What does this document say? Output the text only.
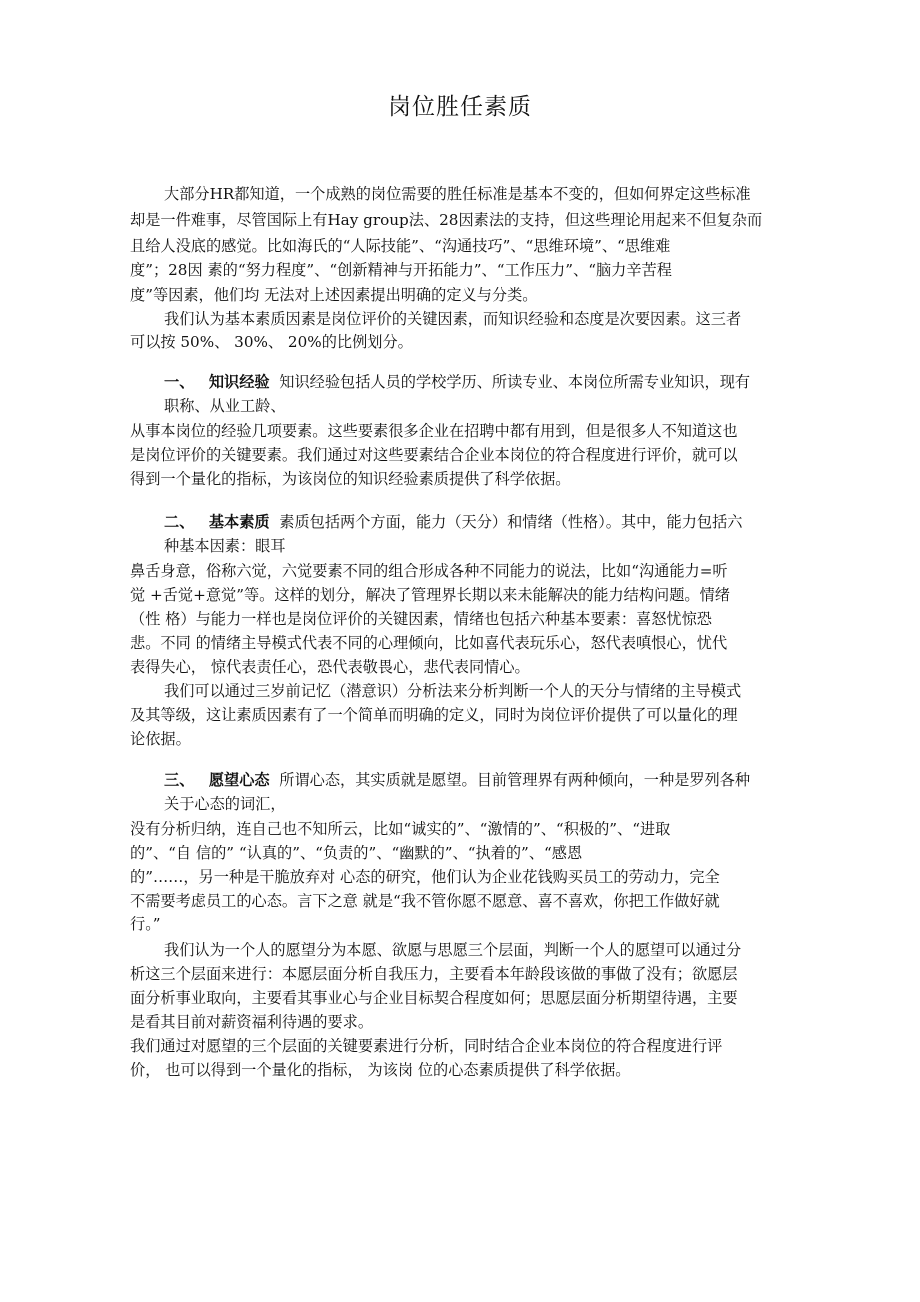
岗位胜任素质
大部分HR都知道，一个成熟的岗位需要的胜任标准是基本不变的，但如何界定这些标准
却是一件难事，尽管国际上有Hay group法、28因素法的支持，但这些理论用起来不但复杂而
且给人没底的感觉。比如海氏的“人际技能”、“沟通技巧”、“思维环境”、“思维难
度”；28因 素的“努力程度”、“创新精神与开拓能力”、“工作压力”、“脑力辛苦程
度”等因素，他们均 无法对上述因素提出明确的定义与分类。
我们认为基本素质因素是岗位评价的关键因素，而知识经验和态度是次要因素。这三者
可以按 50%、 30%、 20%的比例划分。
一、 知识经验 知识经验包括人员的学校学历、所读专业、本岗位所需专业知识，现有
职称、从业工龄、
从事本岗位的经验几项要素。这些要素很多企业在招聘中都有用到，但是很多人不知道这也
是岗位评价的关键要素。我们通过对这些要素结合企业本岗位的符合程度进行评价，就可以
得到一个量化的指标，为该岗位的知识经验素质提供了科学依据。
二、 基本素质 素质包括两个方面，能力（天分）和情绪（性格）。其中，能力包括六
种基本因素：眼耳
鼻舌身意，俗称六觉，六觉要素不同的组合形成各种不同能力的说法，比如“沟通能力=听
觉 +舌觉+意觉”等。这样的划分，解决了管理界长期以来未能解决的能力结构问题。情绪
（性 格）与能力一样也是岗位评价的关键因素，情绪也包括六种基本要素：喜怒忧惊恐
悲。不同 的情绪主导模式代表不同的心理倾向，比如喜代表玩乐心，怒代表嗔恨心，忧代
表得失心， 惊代表责任心，恐代表敬畏心，悲代表同情心。
我们可以通过三岁前记忆（潜意识）分析法来分析判断一个人的天分与情绪的主导模式
及其等级，这让素质因素有了一个简单而明确的定义，同时为岗位评价提供了可以量化的理
论依据。
三、 愿望心态 所谓心态，其实质就是愿望。目前管理界有两种倾向，一种是罗列各种
关于心态的词汇，
没有分析归纳，连自己也不知所云，比如“诚实的”、“激情的”、“积极的”、“进取
的”、“自 信的” “认真的”、“负责的”、“幽默的”、“执着的”、“感恩
的”……，另一种是干脆放弃对 心态的研究，他们认为企业花钱购买员工的劳动力，完全
不需要考虑员工的心态。言下之意 就是“我不管你愿不愿意、喜不喜欢，你把工作做好就
行。”
我们认为一个人的愿望分为本愿、欲愿与思愿三个层面，判断一个人的愿望可以通过分
析这三个层面来进行：本愿层面分析自我压力，主要看本年龄段该做的事做了没有；欲愿层
面分析事业取向，主要看其事业心与企业目标契合程度如何；思愿层面分析期望待遇，主要
是看其目前对薪资福利待遇的要求。
我们通过对愿望的三个层面的关键要素进行分析，同时结合企业本岗位的符合程度进行评
价， 也可以得到一个量化的指标， 为该岗 位的心态素质提供了科学依据。
